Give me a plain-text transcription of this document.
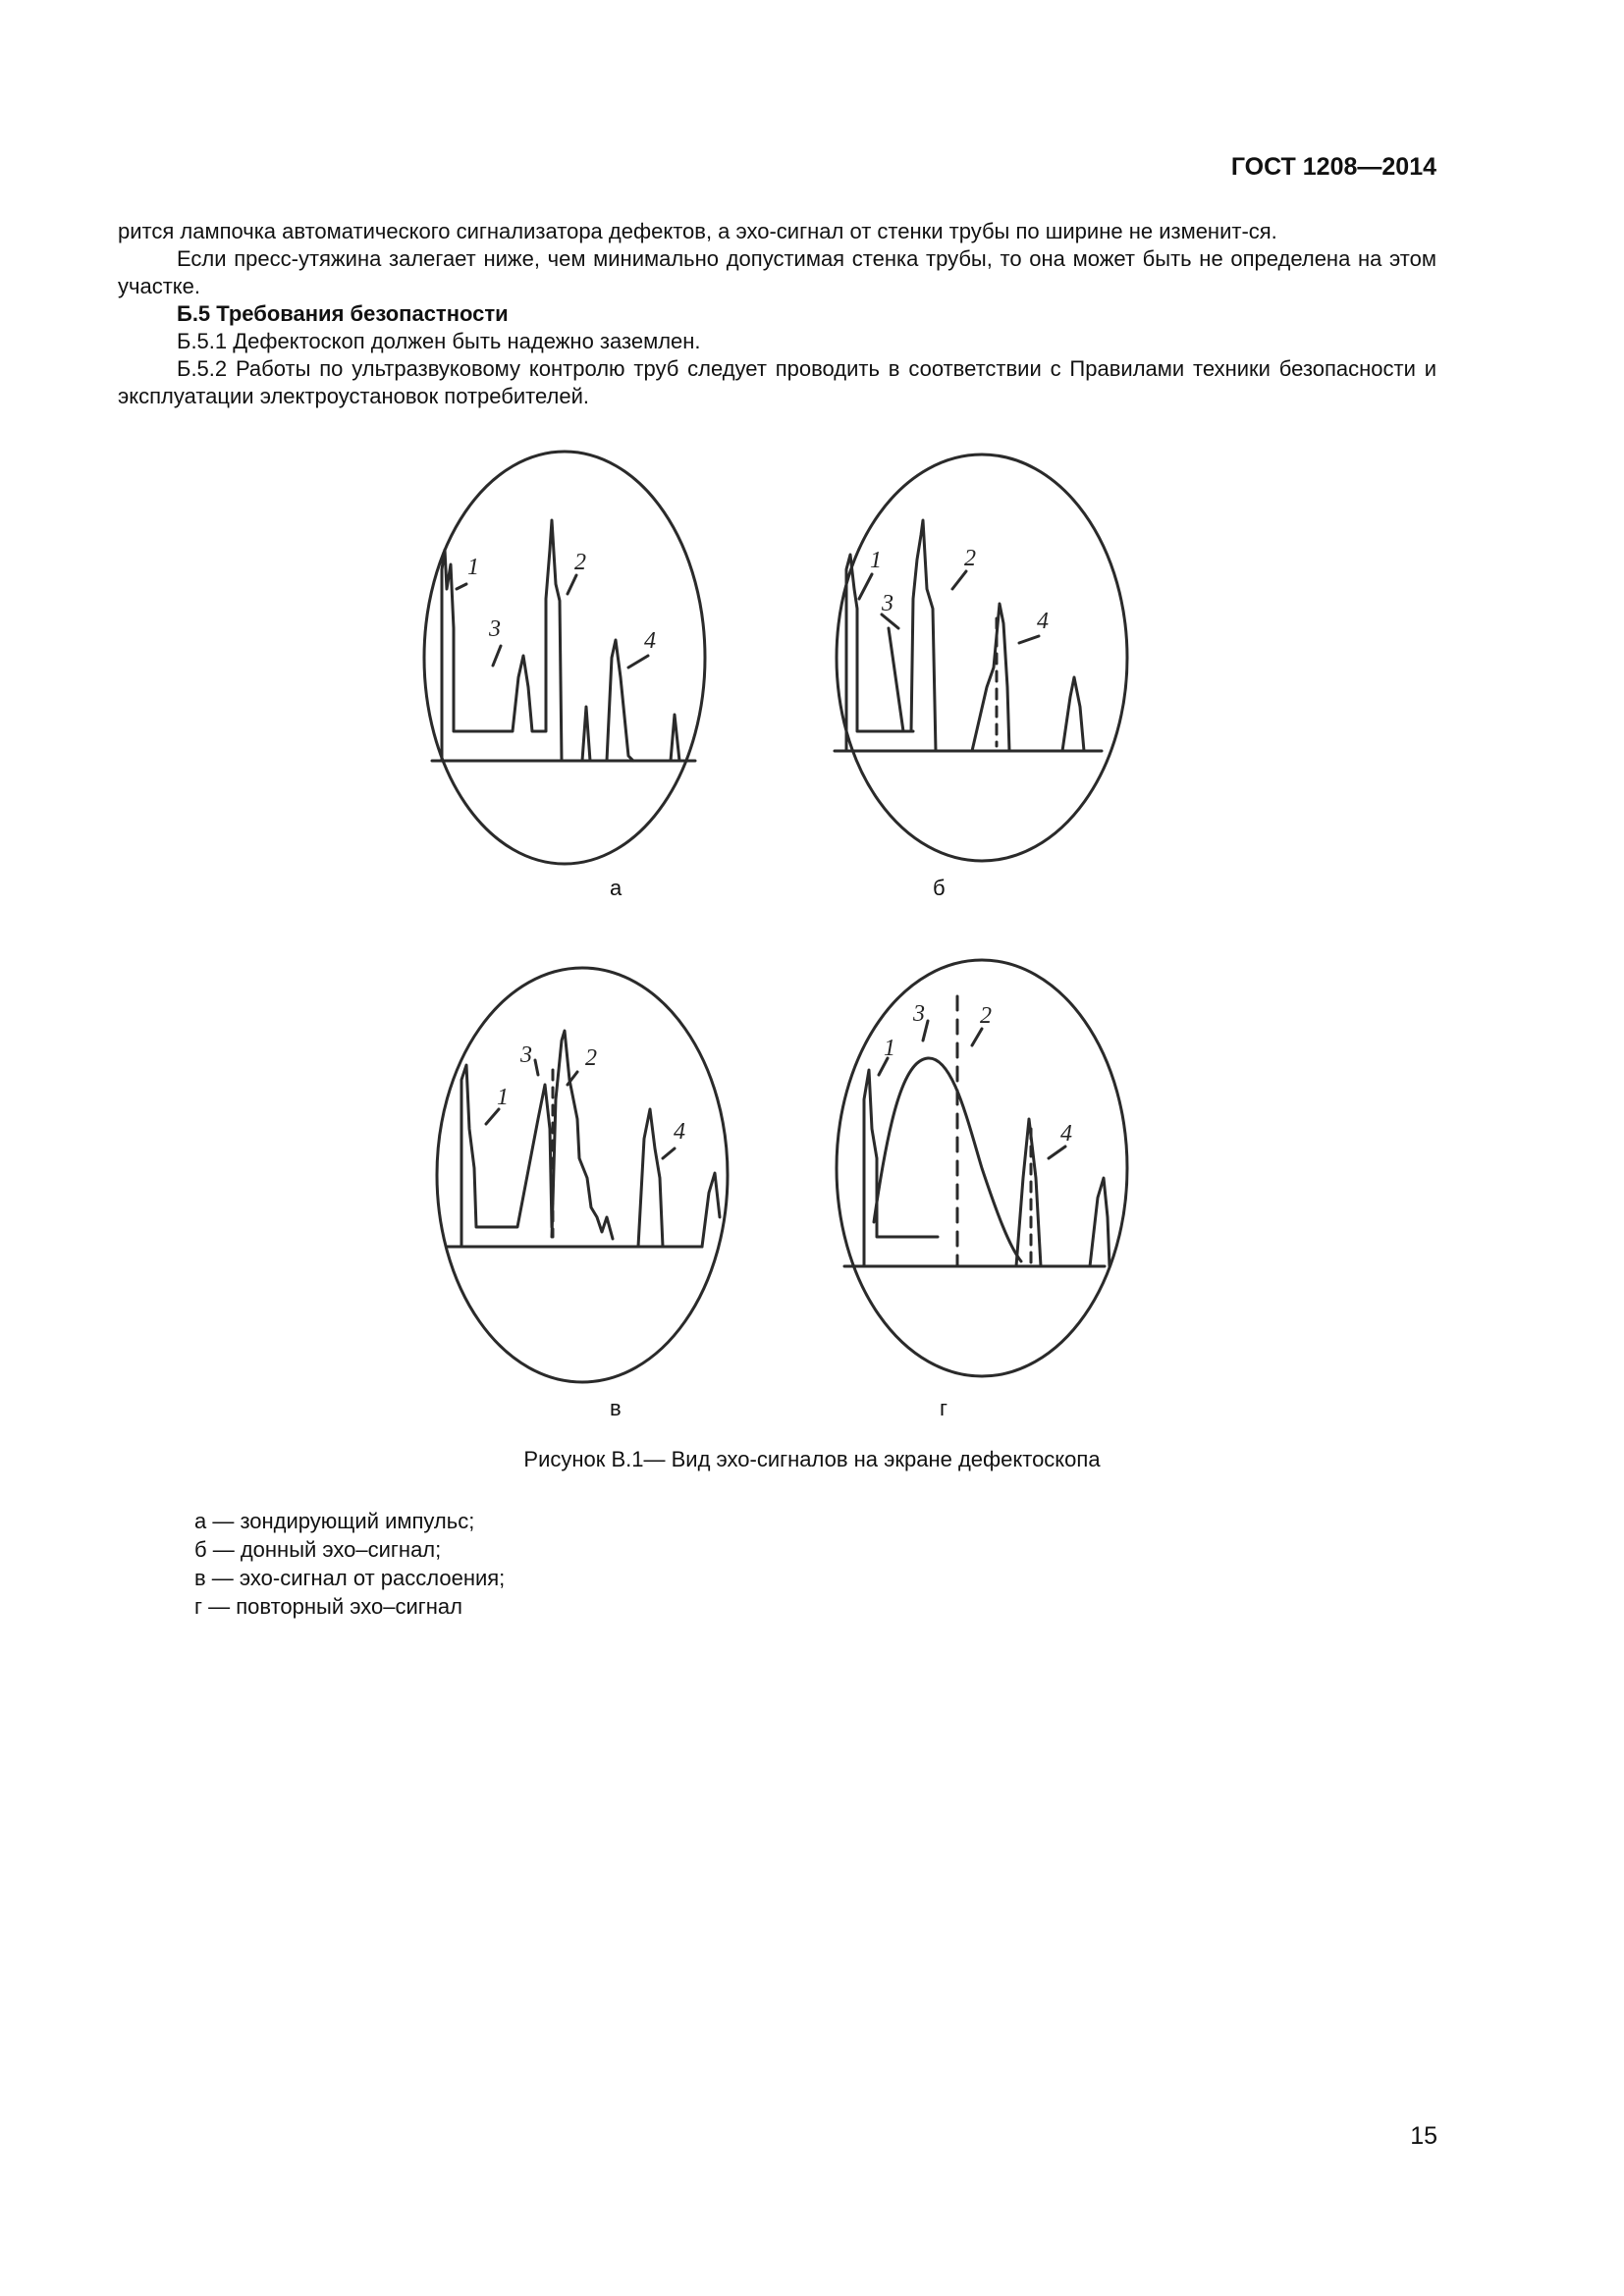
ГОСТ 1208—2014

рится лампочка автоматического сигнализатора дефектов, а эхо-сигнал от стенки трубы по ширине не изменит-ся.

Если пресс-утяжина залегает ниже, чем минимально допустимая стенка трубы, то она может быть не определена на этом участке.

Б.5 Требования безопастности

Б.5.1 Дефектоскоп должен быть надежно заземлен.

Б.5.2 Работы по ультразвуковому контролю труб следует проводить в соответствии с Правилами техники безопасности и эксплуатации электроустановок потребителей.

1	2
3	4
1	2
3
4
1
2
3
4
1
2
3
4
а	б
в	г
Рисунок В.1— Вид эхо-сигналов на экране дефектоскопа
а — зондирующий импульс;
б — донный эхо–сигнал;
в — эхо-сигнал от расслоения;
г — повторный эхо–сигнал
15
